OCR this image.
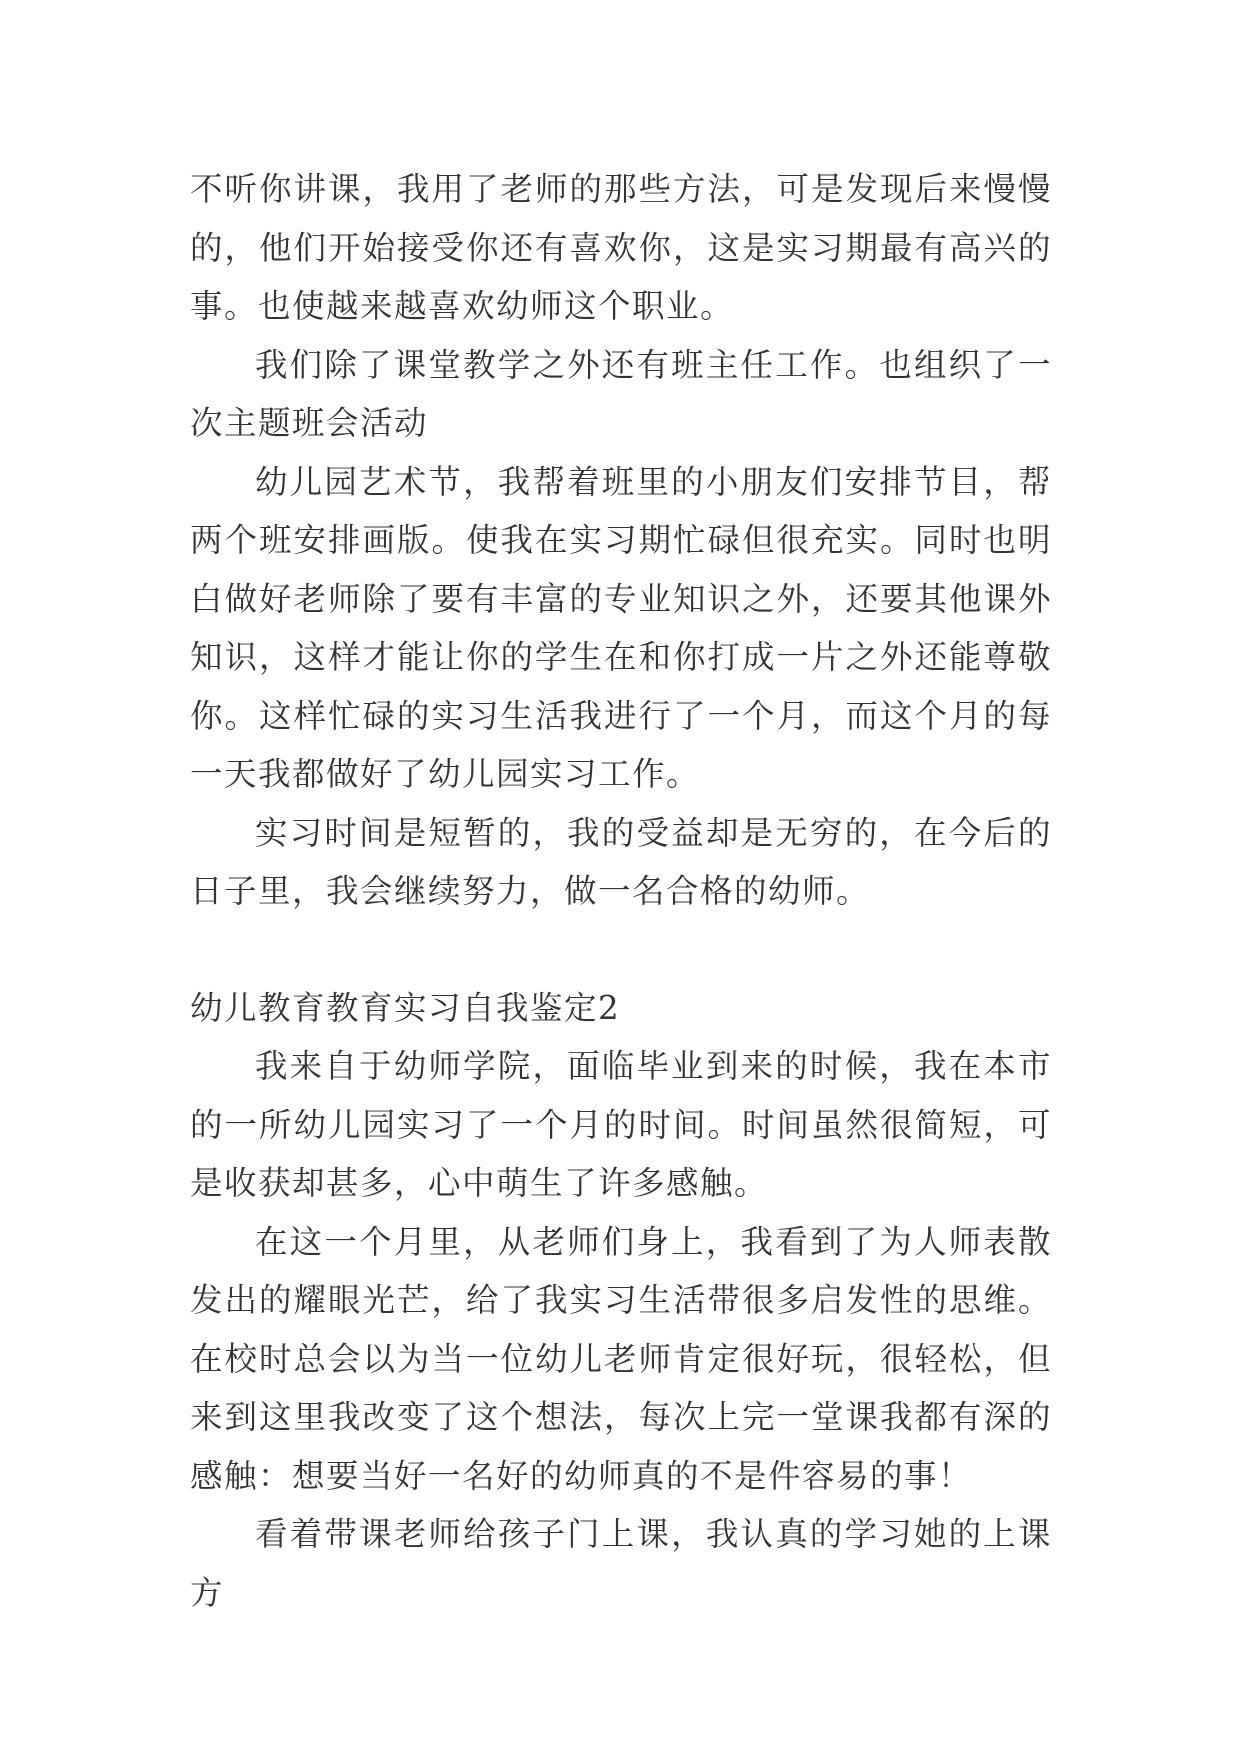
不听你讲课，我用了老师的那些方法，可是发现后来慢慢的，他们开始接受你还有喜欢你，这是实习期最有高兴的事。也使越来越喜欢幼师这个职业。

我们除了课堂教学之外还有班主任工作。也组织了一次主题班会活动

幼儿园艺术节，我帮着班里的小朋友们安排节目，帮两个班安排画版。使我在实习期忙碌但很充实。同时也明白做好老师除了要有丰富的专业知识之外，还要其他课外知识，这样才能让你的学生在和你打成一片之外还能尊敬你。这样忙碌的实习生活我进行了一个月，而这个月的每一天我都做好了幼儿园实习工作。

实习时间是短暂的，我的受益却是无穷的，在今后的日子里，我会继续努力，做一名合格的幼师。

幼儿教育教育实习自我鉴定2

我来自于幼师学院，面临毕业到来的时候，我在本市的一所幼儿园实习了一个月的时间。时间虽然很简短，可是收获却甚多，心中萌生了许多感触。

在这一个月里，从老师们身上，我看到了为人师表散发出的耀眼光芒，给了我实习生活带很多启发性的思维。在校时总会以为当一位幼儿老师肯定很好玩，很轻松，但来到这里我改变了这个想法，每次上完一堂课我都有深的感触：想要当好一名好的幼师真的不是件容易的事！

看着带课老师给孩子门上课，我认真的学习她的上课方
